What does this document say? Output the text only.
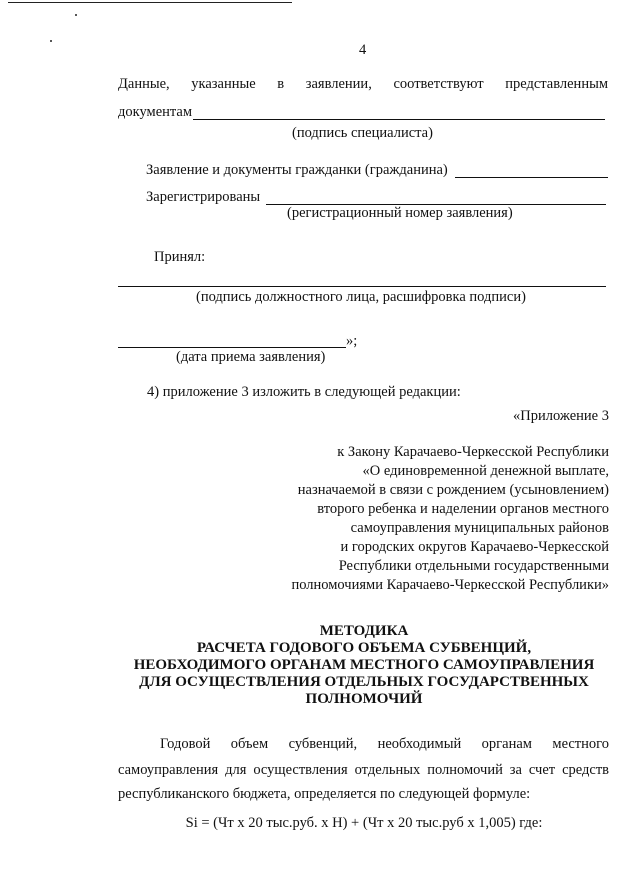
4
Данные, указанные в заявлении, соответствуют представленным
документам
(подпись специалиста)
Заявление и документы гражданки (гражданина)
Зарегистрированы
(регистрационный номер заявления)
Принял:
(подпись должностного лица, расшифровка подписи)
»;
(дата приема заявления)
4) приложение 3 изложить в следующей редакции:
«Приложение 3
к Закону Карачаево-Черкесской Республики
«О единовременной денежной выплате,
назначаемой в связи с рождением (усыновлением)
второго ребенка и наделении органов местного
самоуправления муниципальных районов
и городских округов Карачаево-Черкесской
Республики отдельными государственными
полномочиями Карачаево-Черкесской Республики»
МЕТОДИКА
РАСЧЕТА ГОДОВОГО ОБЪЕМА СУБВЕНЦИЙ,
НЕОБХОДИМОГО ОРГАНАМ МЕСТНОГО САМОУПРАВЛЕНИЯ
ДЛЯ ОСУЩЕСТВЛЕНИЯ ОТДЕЛЬНЫХ ГОСУДАРСТВЕННЫХ
ПОЛНОМОЧИЙ
Годовой объем субвенций, необходимый органам местного
самоуправления для осуществления отдельных полномочий за счет средств
республиканского бюджета, определяется по следующей формуле:
Si = (Чт х 20 тыс.руб. х Н) + (Чт х 20 тыс.руб х 1,005) где:
